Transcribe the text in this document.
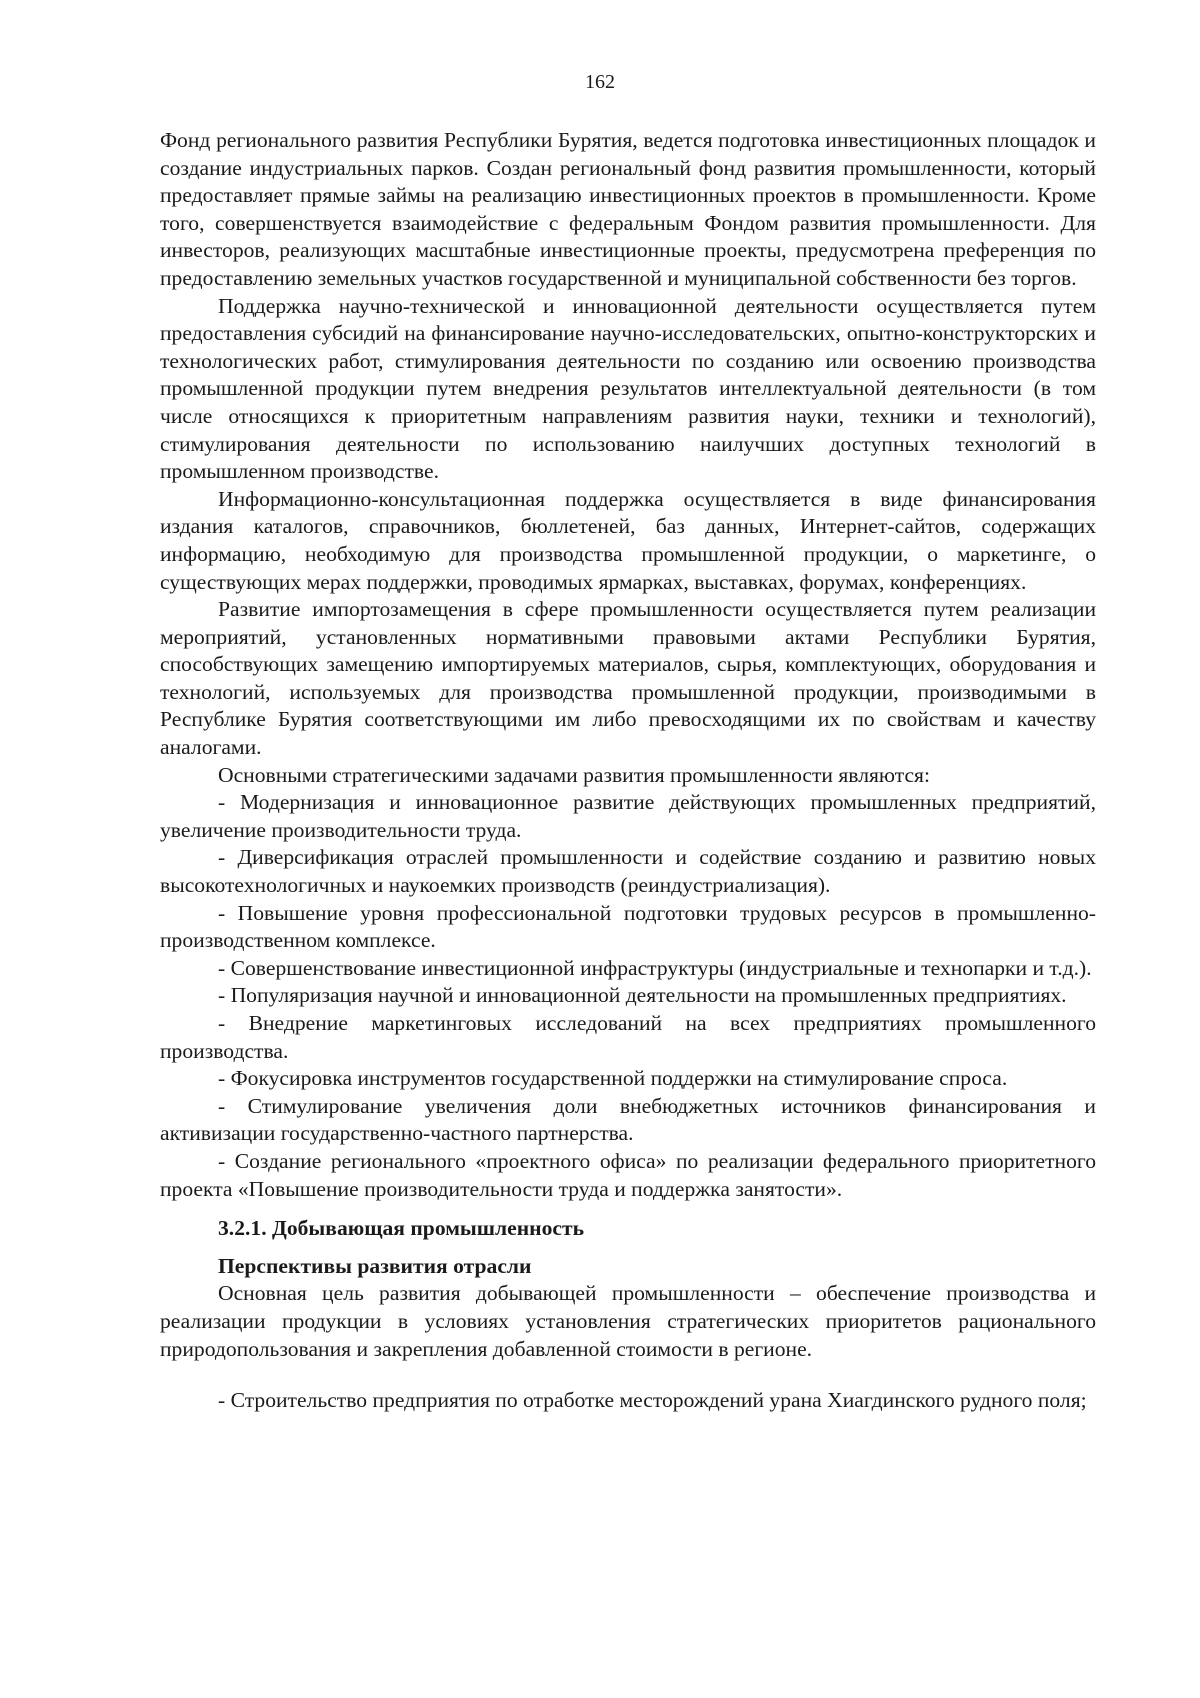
162

Фонд регионального развития Республики Бурятия, ведется подготовка инвестиционных площадок и создание индустриальных парков. Создан региональный фонд развития промышленности, который предоставляет прямые займы на реализацию инвестиционных проектов в промышленности. Кроме того, совершенствуется взаимодействие с федеральным Фондом развития промышленности. Для инвесторов, реализующих масштабные инвестиционные проекты, предусмотрена преференция по предоставлению земельных участков государственной и муниципальной собственности без торгов.

Поддержка научно-технической и инновационной деятельности осуществляется путем предоставления субсидий на финансирование научно-исследовательских, опытно-конструкторских и технологических работ, стимулирования деятельности по созданию или освоению производства промышленной продукции путем внедрения результатов интеллектуальной деятельности (в том числе относящихся к приоритетным направлениям развития науки, техники и технологий), стимулирования деятельности по использованию наилучших доступных технологий в промышленном производстве.

Информационно-консультационная поддержка осуществляется в виде финансирования издания каталогов, справочников, бюллетеней, баз данных, Интернет-сайтов, содержащих информацию, необходимую для производства промышленной продукции, о маркетинге, о существующих мерах поддержки, проводимых ярмарках, выставках, форумах, конференциях.

Развитие импортозамещения в сфере промышленности осуществляется путем реализации мероприятий, установленных нормативными правовыми актами Республики Бурятия, способствующих замещению импортируемых материалов, сырья, комплектующих, оборудования и технологий, используемых для производства промышленной продукции, производимыми в Республике Бурятия соответствующими им либо превосходящими их по свойствам и качеству аналогами.

Основными стратегическими задачами развития промышленности являются:

- Модернизация и инновационное развитие действующих промышленных предприятий, увеличение производительности труда.

- Диверсификация отраслей промышленности и содействие созданию и развитию новых высокотехнологичных и наукоемких производств (реиндустриализация).

- Повышение уровня профессиональной подготовки трудовых ресурсов в промышленно-производственном комплексе.

- Совершенствование инвестиционной инфраструктуры (индустриальные и технопарки и т.д.).

- Популяризация научной и инновационной деятельности на промышленных предприятиях.

- Внедрение маркетинговых исследований на всех предприятиях промышленного производства.

- Фокусировка инструментов государственной поддержки на стимулирование спроса.

- Стимулирование увеличения доли внебюджетных источников финансирования и активизации государственно-частного партнерства.

- Создание регионального «проектного офиса» по реализации федерального приоритетного проекта «Повышение производительности труда и поддержка занятости».

3.2.1. Добывающая промышленность

Перспективы развития отрасли

Основная цель развития добывающей промышленности – обеспечение производства и реализации продукции в условиях установления стратегических приоритетов рационального природопользования и закрепления добавленной стоимости в регионе.

- Строительство предприятия по отработке месторождений урана Хиагдинского рудного поля;
